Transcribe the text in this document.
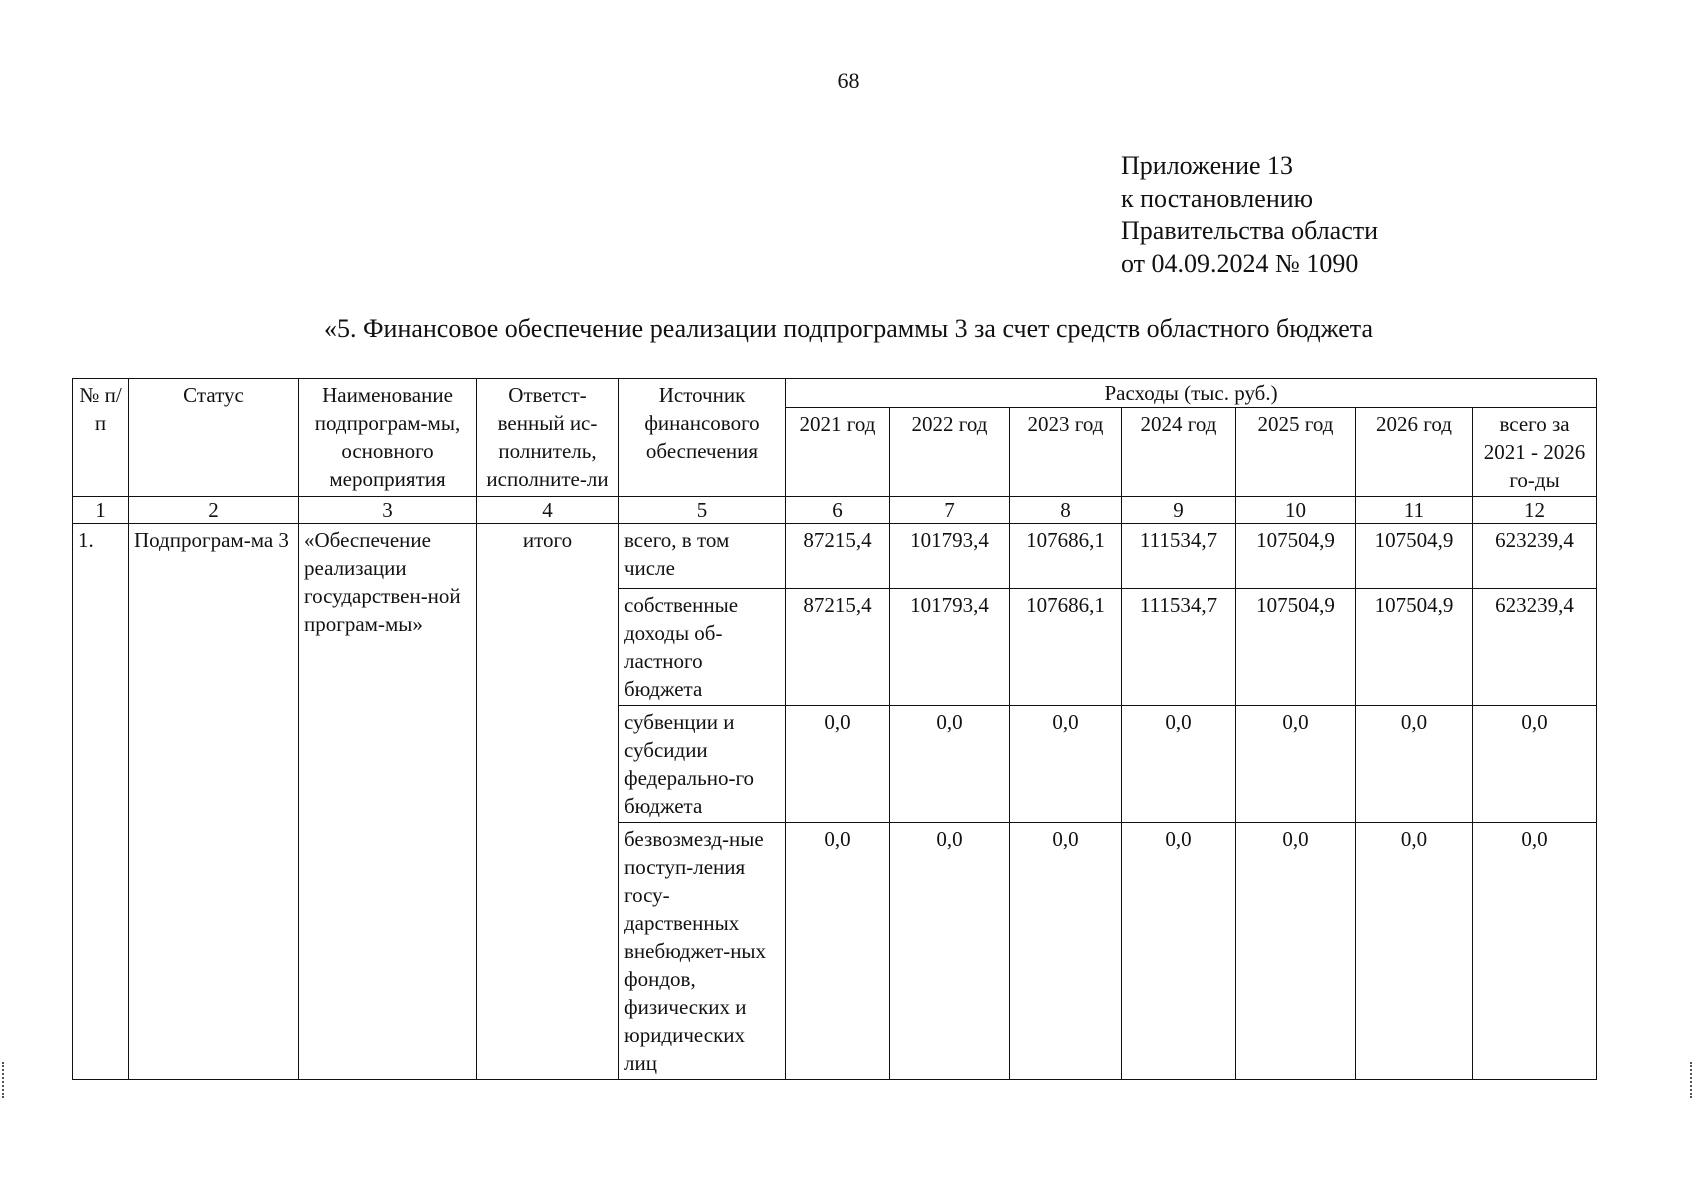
68
Приложение 13
к постановлению
Правительства области
от 04.09.2024 № 1090
«5. Финансовое обеспечение реализации подпрограммы 3 за счет средств областного бюджета
№ п/п	Статус	Наименование подпрограм-мы, основного мероприятия	Ответст-венный ис-полнитель, исполните-ли	Источник финансового обеспечения	Расходы (тыс. руб.)						
					2021 год	2022 год	2023 год	2024 год	2025 год	2026 год	всего за 2021 - 2026 го-ды
1	2	3	4	5	6	7	8	9	10	11	12
1.	Подпрограм-ма 3	«Обеспечение реализации государствен-ной програм-мы»	итого	всего, в том числе	87215,4	101793,4	107686,1	111534,7	107504,9	107504,9	623239,4
				собственные доходы об-ластного бюджета	87215,4	101793,4	107686,1	111534,7	107504,9	107504,9	623239,4
				субвенции и субсидии федерально-го бюджета	0,0	0,0	0,0	0,0	0,0	0,0	0,0
				безвозмезд-ные поступ-ления госу-дарственных внебюджет-ных фондов, физических и юридических лиц	0,0	0,0	0,0	0,0	0,0	0,0	0,0
